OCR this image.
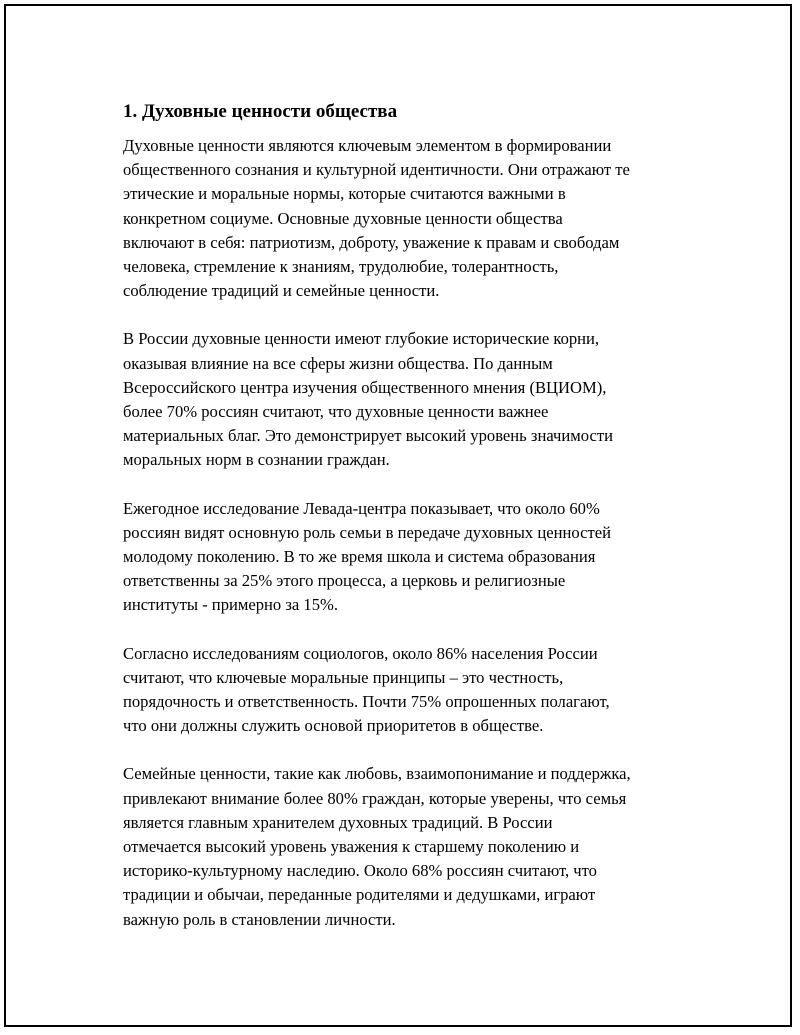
1. Духовные ценности общества

Духовные ценности являются ключевым элементом в формировании
общественного сознания и культурной идентичности. Они отражают те
этические и моральные нормы, которые считаются важными в
конкретном социуме. Основные духовные ценности общества
включают в себя: патриотизм, доброту, уважение к правам и свободам
человека, стремление к знаниям, трудолюбие, толерантность,
соблюдение традиций и семейные ценности.

В России духовные ценности имеют глубокие исторические корни,
оказывая влияние на все сферы жизни общества. По данным
Всероссийского центра изучения общественного мнения (ВЦИОМ),
более 70% россиян считают, что духовные ценности важнее
материальных благ. Это демонстрирует высокий уровень значимости
моральных норм в сознании граждан.

Ежегодное исследование Левада-центра показывает, что около 60%
россиян видят основную роль семьи в передаче духовных ценностей
молодому поколению. В то же время школа и система образования
ответственны за 25% этого процесса, а церковь и религиозные
институты - примерно за 15%.

Согласно исследованиям социологов, около 86% населения России
считают, что ключевые моральные принципы – это честность,
порядочность и ответственность. Почти 75% опрошенных полагают,
что они должны служить основой приоритетов в обществе.

Семейные ценности, такие как любовь, взаимопонимание и поддержка,
привлекают внимание более 80% граждан, которые уверены, что семья
является главным хранителем духовных традиций. В России
отмечается высокий уровень уважения к старшему поколению и
историко-культурному наследию. Около 68% россиян считают, что
традиции и обычаи, переданные родителями и дедушками, играют
важную роль в становлении личности.
